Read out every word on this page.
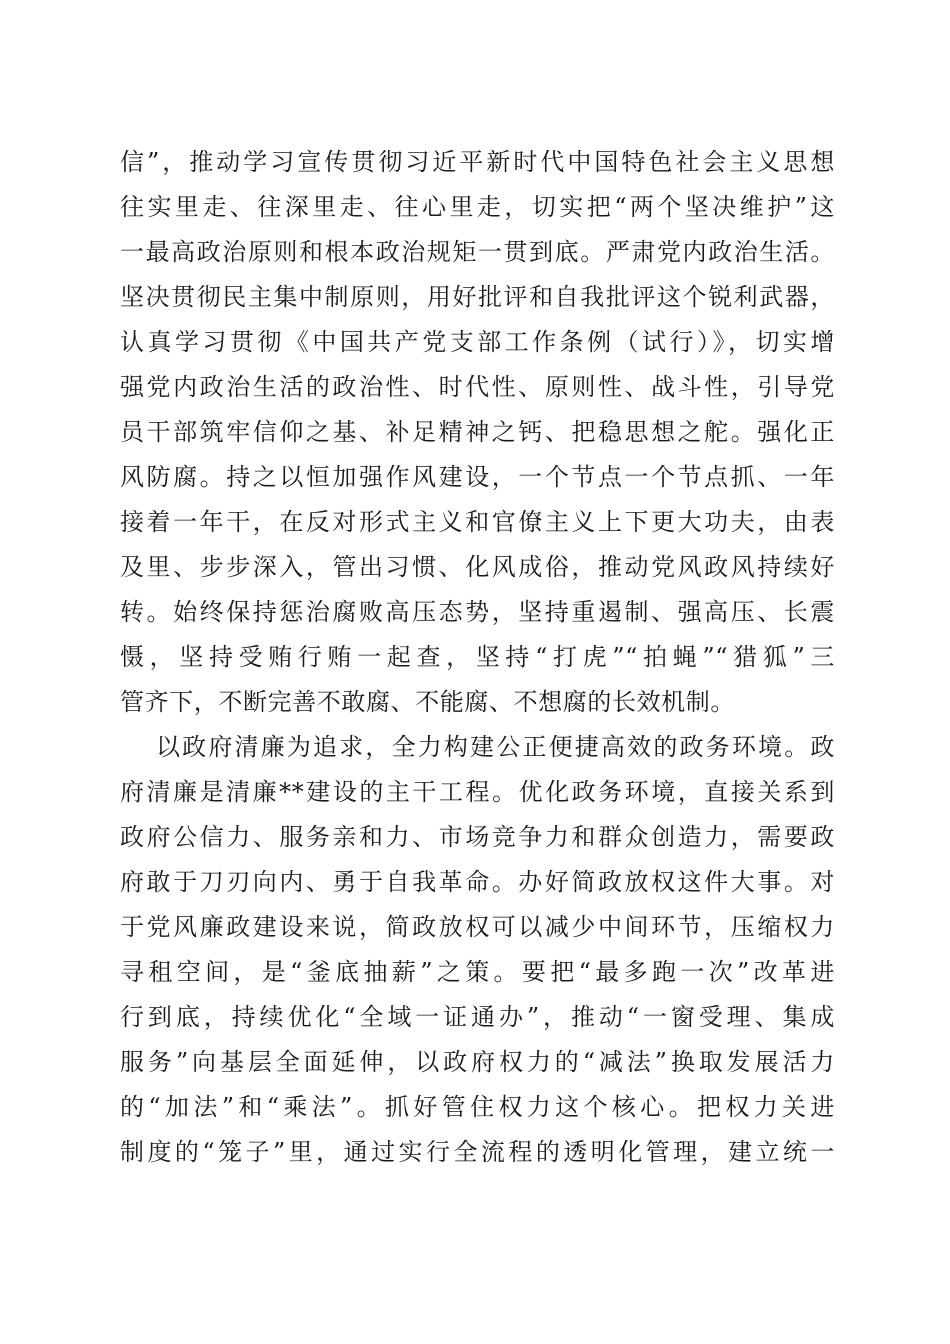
信”，推动学习宣传贯彻习近平新时代中国特色社会主义思想
往实里走、往深里走、往心里走，切实把“两个坚决维护”这
一最高政治原则和根本政治规矩一贯到底。严肃党内政治生活。
坚决贯彻民主集中制原则，用好批评和自我批评这个锐利武器，
认真学习贯彻《中国共产党支部工作条例（试行）》，切实增
强党内政治生活的政治性、时代性、原则性、战斗性，引导党
员干部筑牢信仰之基、补足精神之钙、把稳思想之舵。强化正
风防腐。持之以恒加强作风建设，一个节点一个节点抓、一年
接着一年干，在反对形式主义和官僚主义上下更大功夫，由表
及里、步步深入，管出习惯、化风成俗，推动党风政风持续好
转。始终保持惩治腐败高压态势，坚持重遏制、强高压、长震
慑，坚持受贿行贿一起查，坚持“打虎”“拍蝇”“猎狐”三
管齐下，不断完善不敢腐、不能腐、不想腐的长效机制。
以政府清廉为追求，全力构建公正便捷高效的政务环境。政
府清廉是清廉**建设的主干工程。优化政务环境，直接关系到
政府公信力、服务亲和力、市场竞争力和群众创造力，需要政
府敢于刀刃向内、勇于自我革命。办好简政放权这件大事。对
于党风廉政建设来说，简政放权可以减少中间环节，压缩权力
寻租空间，是“釜底抽薪”之策。要把“最多跑一次”改革进
行到底，持续优化“全域一证通办”，推动“一窗受理、集成
服务”向基层全面延伸，以政府权力的“减法”换取发展活力
的“加法”和“乘法”。抓好管住权力这个核心。把权力关进
制度的“笼子”里，通过实行全流程的透明化管理，建立统一
